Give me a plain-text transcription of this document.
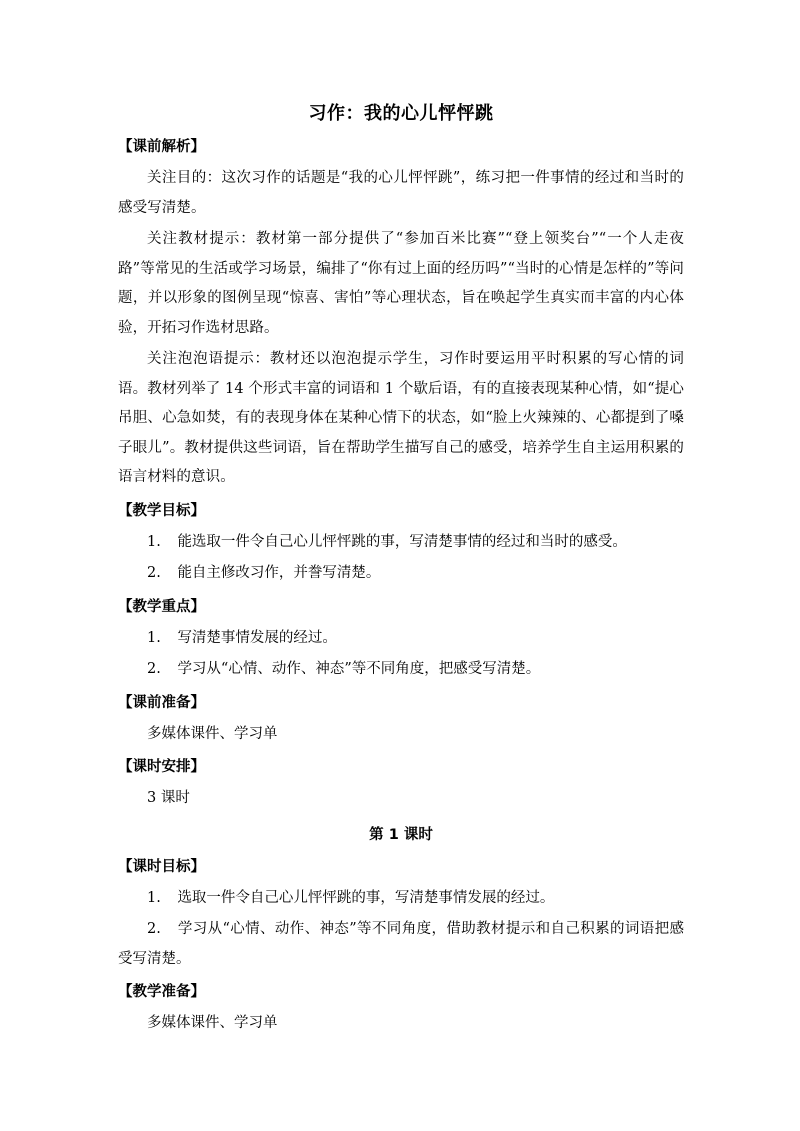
习作：我的心儿怦怦跳
【课前解析】

关注目的：这次习作的话题是“我的心儿怦怦跳”，练习把一件事情的经过和当时的感受写清楚。

关注教材提示：教材第一部分提供了“参加百米比赛”“登上领奖台”“一个人走夜路”等常见的生活或学习场景，编排了“你有过上面的经历吗”“当时的心情是怎样的”等问题，并以形象的图例呈现“惊喜、害怕”等心理状态，旨在唤起学生真实而丰富的内心体验，开拓习作选材思路。

关注泡泡语提示：教材还以泡泡提示学生，习作时要运用平时积累的写心情的词语。教材列举了 14 个形式丰富的词语和 1 个歇后语，有的直接表现某种心情，如“提心吊胆、心急如焚，有的表现身体在某种心情下的状态，如“脸上火辣辣的、心都提到了嗓子眼儿”。教材提供这些词语，旨在帮助学生描写自己的感受，培养学生自主运用积累的语言材料的意识。

【教学目标】

1. 能选取一件令自己心儿怦怦跳的事，写清楚事情的经过和当时的感受。

2. 能自主修改习作，并誊写清楚。

【教学重点】

1. 写清楚事情发展的经过。

2. 学习从“心情、动作、神态”等不同角度，把感受写清楚。

【课前准备】

多媒体课件、学习单

【课时安排】

3 课时

第 1 课时
【课时目标】

1. 选取一件令自己心儿怦怦跳的事，写清楚事情发展的经过。

2. 学习从“心情、动作、神态”等不同角度，借助教材提示和自己积累的词语把感受写清楚。

【教学准备】

多媒体课件、学习单
